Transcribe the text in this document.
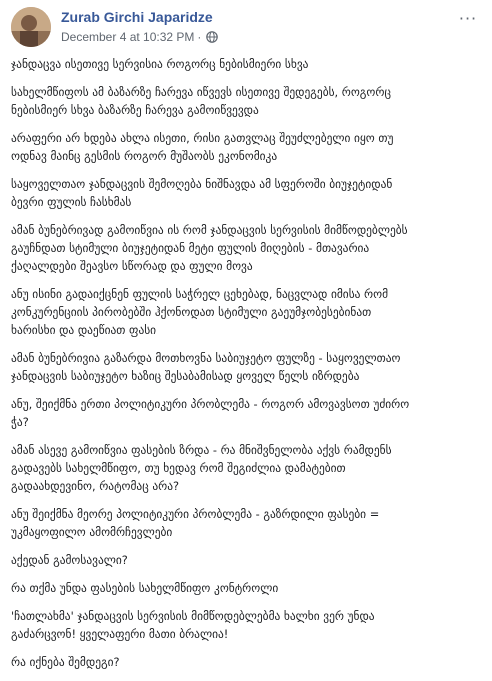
Zurab Girchi Japaridze
December 4 at 10:32 PM ·
···
ჯანდაცვა ისეთივე სერვისია როგორც ნებისმიერი სხვა
სახელმწიფოს ამ ბაზარზე ჩარევა იწვევს ისეთივე შედეგებს, როგორც
ნებისმიერ სხვა ბაზარზე ჩარევა გამოიწვევდა
არაფერი არ ხდება ახლა ისეთი, რისი გათვლაც შეუძლებელი იყო თუ
ოდნავ მაინც გესმის როგორ მუშაობს ეკონომიკა
საყოველთაო ჯანდაცვის შემოღება ნიშნავდა ამ სფეროში ბიუჯეტიდან
ბევრი ფულის ჩასხმას
ამან ბუნებრივად გამოიწვია ის რომ ჯანდაცვის სერვისის მიმწოდებლებს
გაუჩნდათ სტიმული ბიუჯეტიდან მეტი ფულის მიღების - მთავარია
ქაღალდები შეავსო სწორად და ფული მოვა
ანუ ისინი გადაიქცნენ ფულის საჭრელ ცეხებად, ნაცვლად იმისა რომ
კონკურენციის პირობებში ჰქონოდათ სტიმული გაეუმჯობესებინათ
ხარისხი და დაეწიათ ფასი
ამან ბუნებრივია გაზარდა მოთხოვნა საბიუჯეტო ფულზე - საყოველთაო
ჯანდაცვის საბიუჯეტო ხაზიც შესაბამისად ყოველ წელს იზრდება
ანუ, შეიქმნა ერთი პოლიტიკური პრობლემა - როგორ ამოვავსოთ უძირო
ჭა?
ამან ასევე გამოიწვია ფასების ზრდა - რა მნიშვნელობა აქვს რამდენს
გადავებს სახელმწიფო, თუ ხედავ რომ შეგიძლია დამატებით
გადაახდევინო, რატომაც არა?
ანუ შეიქმნა მეორე პოლიტიკური პრობლემა - გაზრდილი ფასები =
უკმაყოფილო ამომრჩევლები
აქედან გამოსავალი?
რა თქმა უნდა ფასების სახელმწიფო კონტროლი
'ჩათლახმა' ჯანდაცვის სერვისის მიმწოდებლებმა ხალხი ვერ უნდა
გაძარცვონ! ყველაფერი მათი ბრალია!
რა იქნება შემდეგი?
